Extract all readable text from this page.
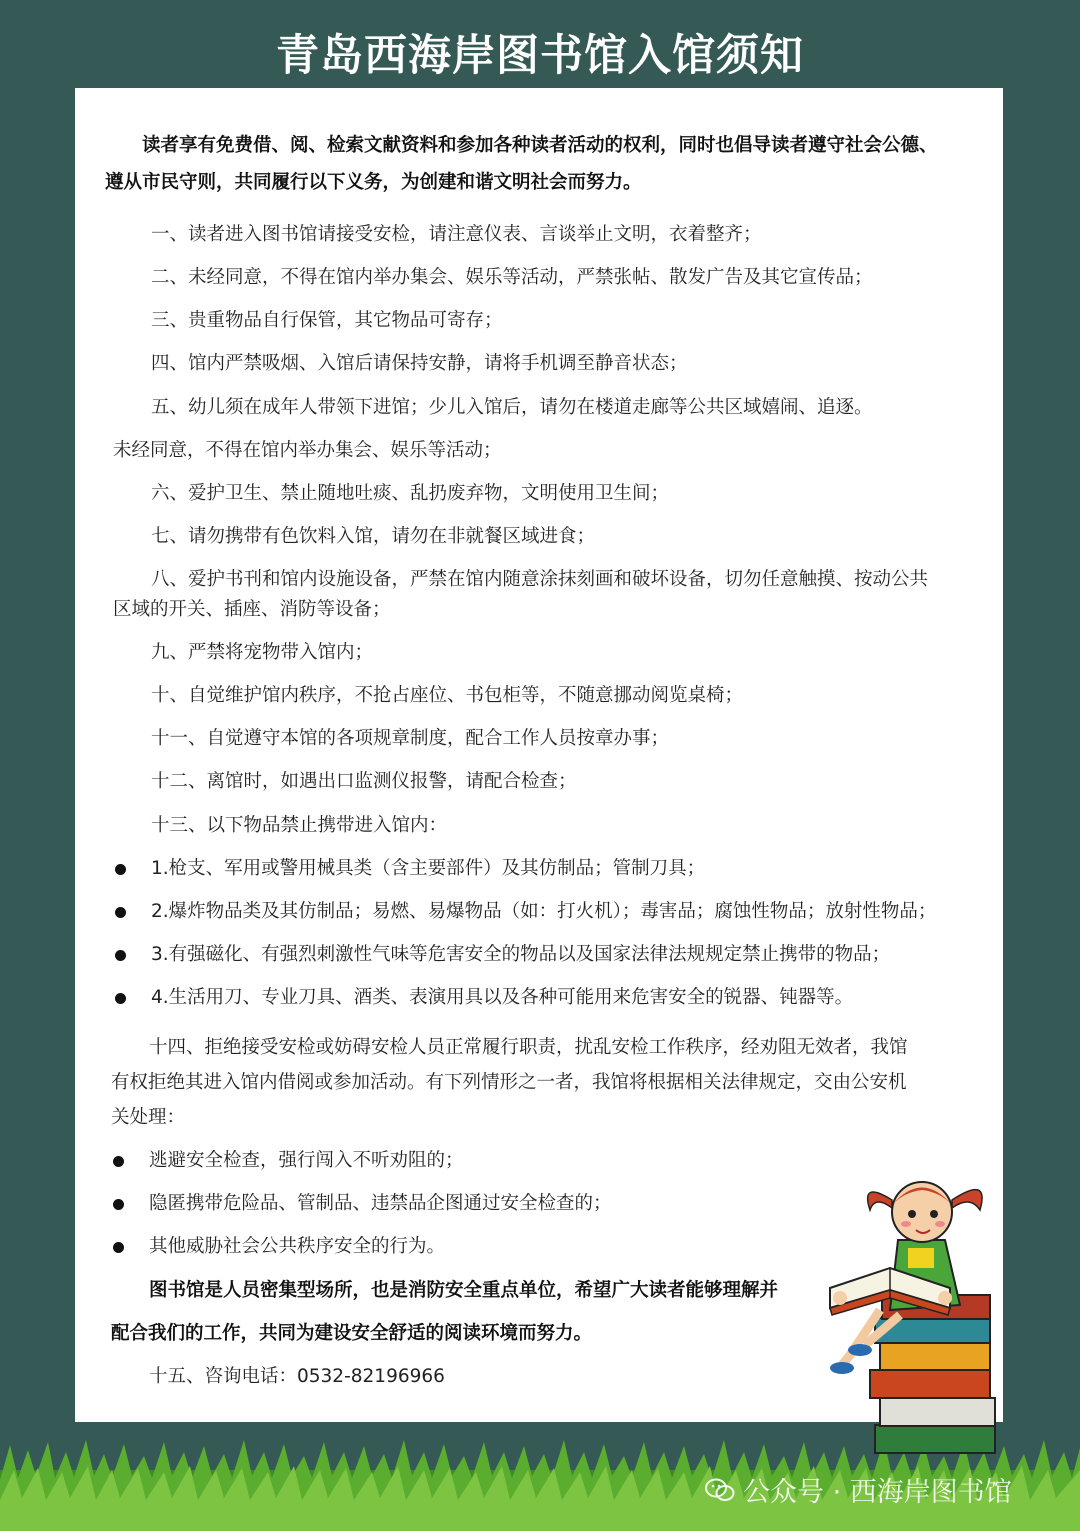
青岛西海岸图书馆入馆须知
读者享有免费借、阅、检索文献资料和参加各种读者活动的权利，同时也倡导读者遵守社会公德、
遵从市民守则，共同履行以下义务，为创建和谐文明社会而努力。
一、读者进入图书馆请接受安检，请注意仪表、言谈举止文明，衣着整齐；
二、未经同意，不得在馆内举办集会、娱乐等活动，严禁张帖、散发广告及其它宣传品；
三、贵重物品自行保管，其它物品可寄存；
四、馆内严禁吸烟、入馆后请保持安静，请将手机调至静音状态；
五、幼儿须在成年人带领下进馆；少儿入馆后，请勿在楼道走廊等公共区域嬉闹、追逐。
未经同意，不得在馆内举办集会、娱乐等活动；
六、爱护卫生、禁止随地吐痰、乱扔废弃物，文明使用卫生间；
七、请勿携带有色饮料入馆，请勿在非就餐区域进食；
八、爱护书刊和馆内设施设备，严禁在馆内随意涂抹刻画和破坏设备，切勿任意触摸、按动公共
区域的开关、插座、消防等设备；
九、严禁将宠物带入馆内；
十、自觉维护馆内秩序，不抢占座位、书包柜等，不随意挪动阅览桌椅；
十一、自觉遵守本馆的各项规章制度，配合工作人员按章办事；
十二、离馆时，如遇出口监测仪报警，请配合检查；
十三、以下物品禁止携带进入馆内：
1.枪支、军用或警用械具类（含主要部件）及其仿制品；管制刀具；
2.爆炸物品类及其仿制品；易燃、易爆物品（如：打火机）；毒害品；腐蚀性物品；放射性物品；
3.有强磁化、有强烈刺激性气味等危害安全的物品以及国家法律法规规定禁止携带的物品；
4.生活用刀、专业刀具、酒类、表演用具以及各种可能用来危害安全的锐器、钝器等。
十四、拒绝接受安检或妨碍安检人员正常履行职责，扰乱安检工作秩序，经劝阻无效者，我馆
有权拒绝其进入馆内借阅或参加活动。有下列情形之一者，我馆将根据相关法律规定，交由公安机
关处理：
逃避安全检查，强行闯入不听劝阻的；
隐匿携带危险品、管制品、违禁品企图通过安全检查的；
其他威胁社会公共秩序安全的行为。
图书馆是人员密集型场所，也是消防安全重点单位，希望广大读者能够理解并
配合我们的工作，共同为建设安全舒适的阅读环境而努力。
十五、咨询电话：0532-82196966
公众号 · 西海岸图书馆
